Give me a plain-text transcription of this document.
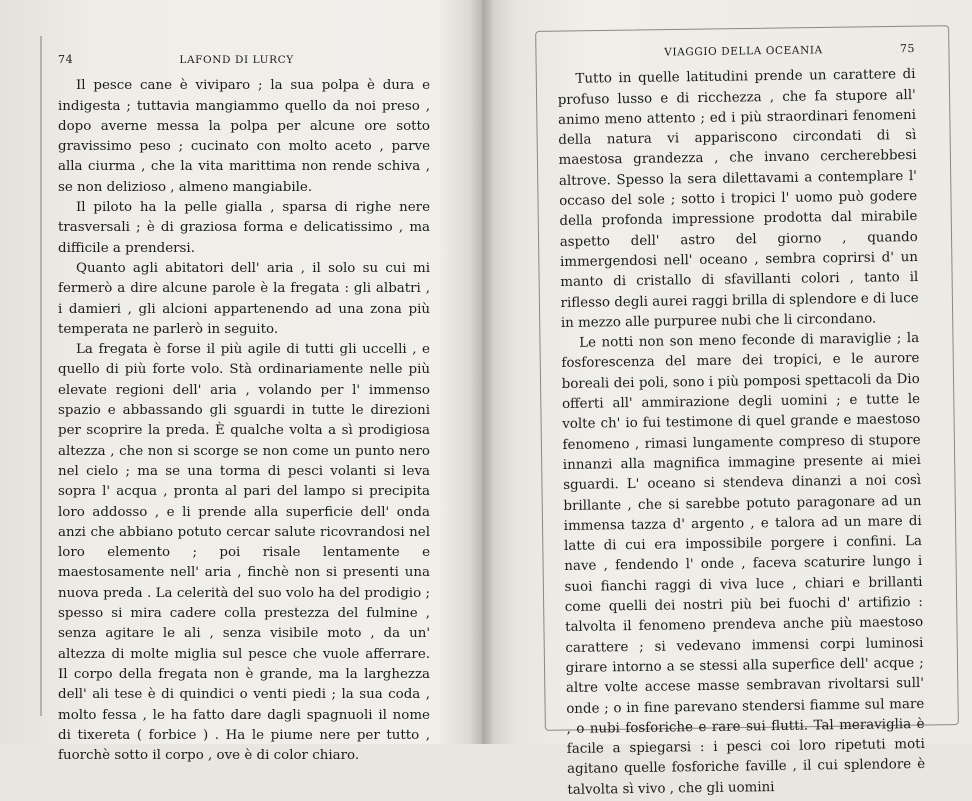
74	LAFOND DI LURCY

Il pesce cane è viviparo ; la sua polpa è dura e indigesta ; tuttavia mangiammo quello da noi preso , dopo averne messa la polpa per alcune ore sotto gravissimo peso ; cucinato con molto aceto , parve alla ciurma , che la vita marittima non rende schiva , se non delizioso , almeno mangiabile.

Il piloto ha la pelle gialla , sparsa di righe nere trasversali ; è di graziosa forma e delicatissimo , ma difficile a prendersi.

Quanto agli abitatori dell' aria , il solo su cui mi fermerò a dire alcune parole è la fregata : gli albatri , i damieri , gli alcioni appartenendo ad una zona più temperata ne parlerò in seguito.

La fregata è forse il più agile di tutti gli uccelli , e quello di più forte volo. Stà ordinariamente nelle più elevate regioni dell' aria , volando per l' immenso spazio e abbassando gli sguardi in tutte le direzioni per scoprire la preda. È qualche volta a sì prodigiosa altezza , che non si scorge se non come un punto nero nel cielo ; ma se una torma di pesci volanti si leva sopra l' acqua , pronta al pari del lampo si precipita loro addosso , e li prende alla superficie dell' onda anzi che abbiano potuto cercar salute ricovrandosi nel loro elemento ; poi risale lentamente e maestosamente nell' aria , finchè non si presenti una nuova preda . La celerità del suo volo ha del prodigio ; spesso si mira cadere colla prestezza del fulmine , senza agitare le ali , senza visibile moto , da un' altezza di molte miglia sul pesce che vuole afferrare. Il corpo della fregata non è grande, ma la larghezza dell' ali tese è di quindici o venti piedi ; la sua coda , molto fessa , le ha fatto dare dagli spagnuoli il nome di tixereta ( forbice ) . Ha le piume nere per tutto , fuorchè sotto il corpo , ove è di color chiaro.

VIAGGIO DELLA OCEANIA	75

Tutto in quelle latitudini prende un carattere di profuso lusso e di ricchezza , che fa stupore all' animo meno attento ; ed i più straordinari fenomeni della natura vi appariscono circondati di sì maestosa grandezza , che invano cercherebbesi altrove. Spesso la sera dilettavami a contemplare l' occaso del sole ; sotto i tropici l' uomo può godere della profonda impressione prodotta dal mirabile aspetto dell' astro del giorno , quando immergendosi nell' oceano , sembra coprirsi d' un manto di cristallo di sfavillanti colori , tanto il riflesso degli aurei raggi brilla di splendore e di luce in mezzo alle purpuree nubi che li circondano.

Le notti non son meno feconde di maraviglie ; la fosforescenza del mare dei tropici, e le aurore boreali dei poli, sono i più pomposi spettacoli da Dio offerti all' ammirazione degli uomini ; e tutte le volte ch' io fui testimone di quel grande e maestoso fenomeno , rimasi lungamente compreso di stupore innanzi alla magnifica immagine presente ai miei sguardi. L' oceano si stendeva dinanzi a noi così brillante , che si sarebbe potuto paragonare ad un immensa tazza d' argento , e talora ad un mare di latte di cui era impossibile porgere i confini. La nave , fendendo l' onde , faceva scaturire lungo i suoi fianchi raggi di viva luce , chiari e brillanti come quelli dei nostri più bei fuochi d' artifizio : talvolta il fenomeno prendeva anche più maestoso carattere ; si vedevano immensi corpi luminosi girare intorno a se stessi alla superfice dell' acque ; altre volte accese masse sembravan rivoltarsi sull' onde ; o in fine parevano stendersi fiamme sul mare , o nubi fosforiche e rare sui flutti. Tal meraviglia è facile a spiegarsi : i pesci coi loro ripetuti moti agitano quelle fosforiche faville , il cui splendore è talvolta sì vivo , che gli uomini
